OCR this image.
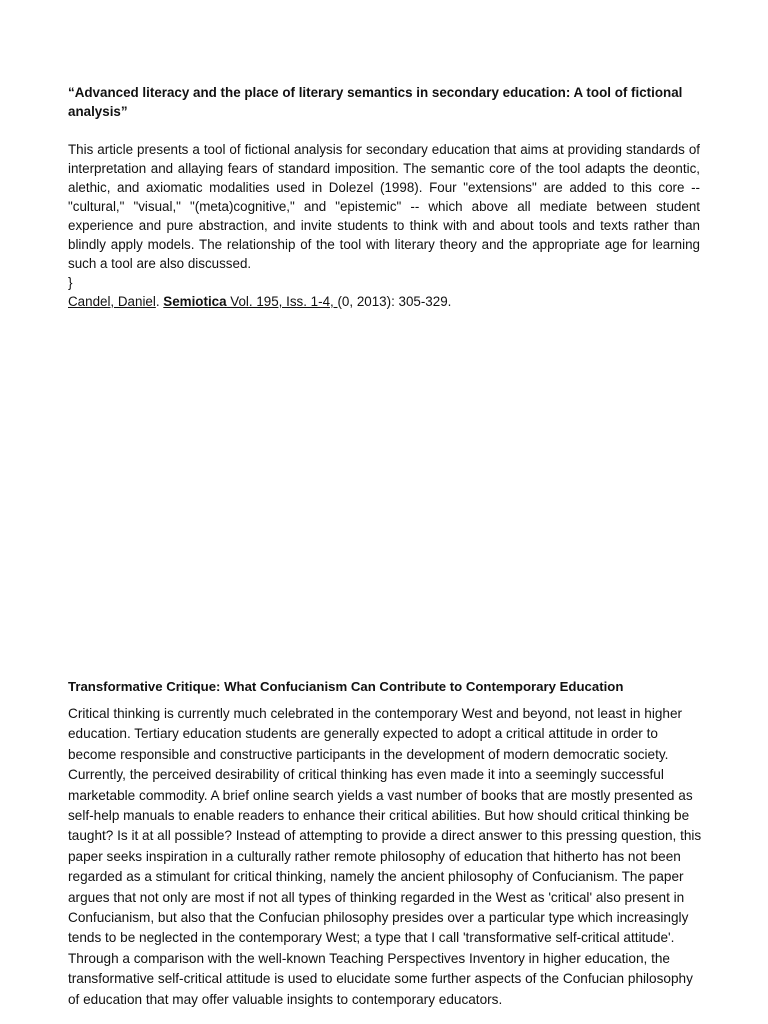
“Advanced literacy and the place of literary semantics in secondary education: A tool of fictional analysis”

This article presents a tool of fictional analysis for secondary education that aims at providing standards of interpretation and allaying fears of standard imposition. The semantic core of the tool adapts the deontic, alethic, and axiomatic modalities used in Dolezel (1998). Four "extensions" are added to this core -- "cultural," "visual," "(meta)cognitive," and "epistemic" -- which above all mediate between student experience and pure abstraction, and invite students to think with and about tools and texts rather than blindly apply models. The relationship of the tool with literary theory and the appropriate age for learning such a tool are also discussed.

}

Candel, Daniel. Semiotica Vol. 195, Iss. 1-4, (0, 2013): 305-329.

Transformative Critique: What Confucianism Can Contribute to Contemporary Education

Critical thinking is currently much celebrated in the contemporary West and beyond, not least in higher education. Tertiary education students are generally expected to adopt a critical attitude in order to become responsible and constructive participants in the development of modern democratic society. Currently, the perceived desirability of critical thinking has even made it into a seemingly successful marketable commodity. A brief online search yields a vast number of books that are mostly presented as self-help manuals to enable readers to enhance their critical abilities. But how should critical thinking be taught? Is it at all possible? Instead of attempting to provide a direct answer to this pressing question, this paper seeks inspiration in a culturally rather remote philosophy of education that hitherto has not been regarded as a stimulant for critical thinking, namely the ancient philosophy of Confucianism. The paper argues that not only are most if not all types of thinking regarded in the West as 'critical' also present in Confucianism, but also that the Confucian philosophy presides over a particular type which increasingly tends to be neglected in the contemporary West; a type that I call 'transformative self-critical attitude'. Through a comparison with the well-known Teaching Perspectives Inventory in higher education, the transformative self-critical attitude is used to elucidate some further aspects of the Confucian philosophy of education that may offer valuable insights to contemporary educators.
